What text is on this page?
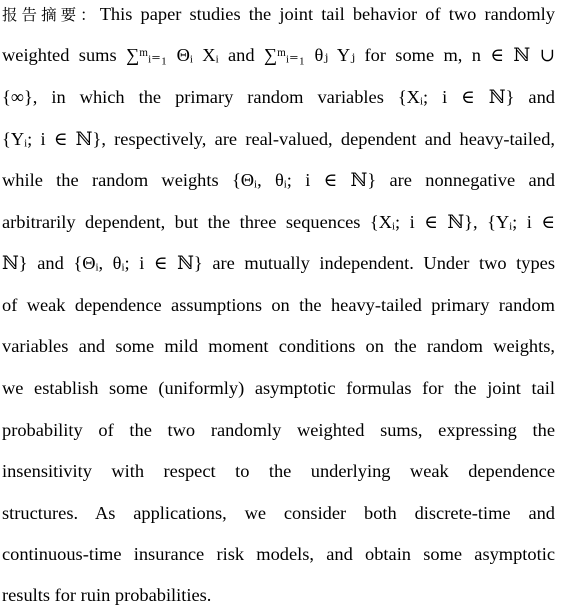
报告摘要：This paper studies the joint tail behavior of two randomly
weighted sums ∑ᵐᵢ₌₁ Θᵢ Xᵢ and ∑ᵐᵢ₌₁ θⱼ Yⱼ for some m, n ∈ ℕ ∪
{∞}, in which the primary random variables {Xᵢ; i ∈ ℕ} and
{Yᵢ; i ∈ ℕ}, respectively, are real-valued, dependent and heavy-tailed,
while the random weights {Θᵢ, θᵢ; i ∈ ℕ} are nonnegative and
arbitrarily dependent, but the three sequences {Xᵢ; i ∈ ℕ}, {Yᵢ; i ∈
ℕ} and {Θᵢ, θᵢ; i ∈ ℕ} are mutually independent. Under two types
of weak dependence assumptions on the heavy-tailed primary random
variables and some mild moment conditions on the random weights,
we establish some (uniformly) asymptotic formulas for the joint tail
probability of the two randomly weighted sums, expressing the
insensitivity with respect to the underlying weak dependence
structures. As applications, we consider both discrete-time and
continuous-time insurance risk models, and obtain some asymptotic
results for ruin probabilities.
